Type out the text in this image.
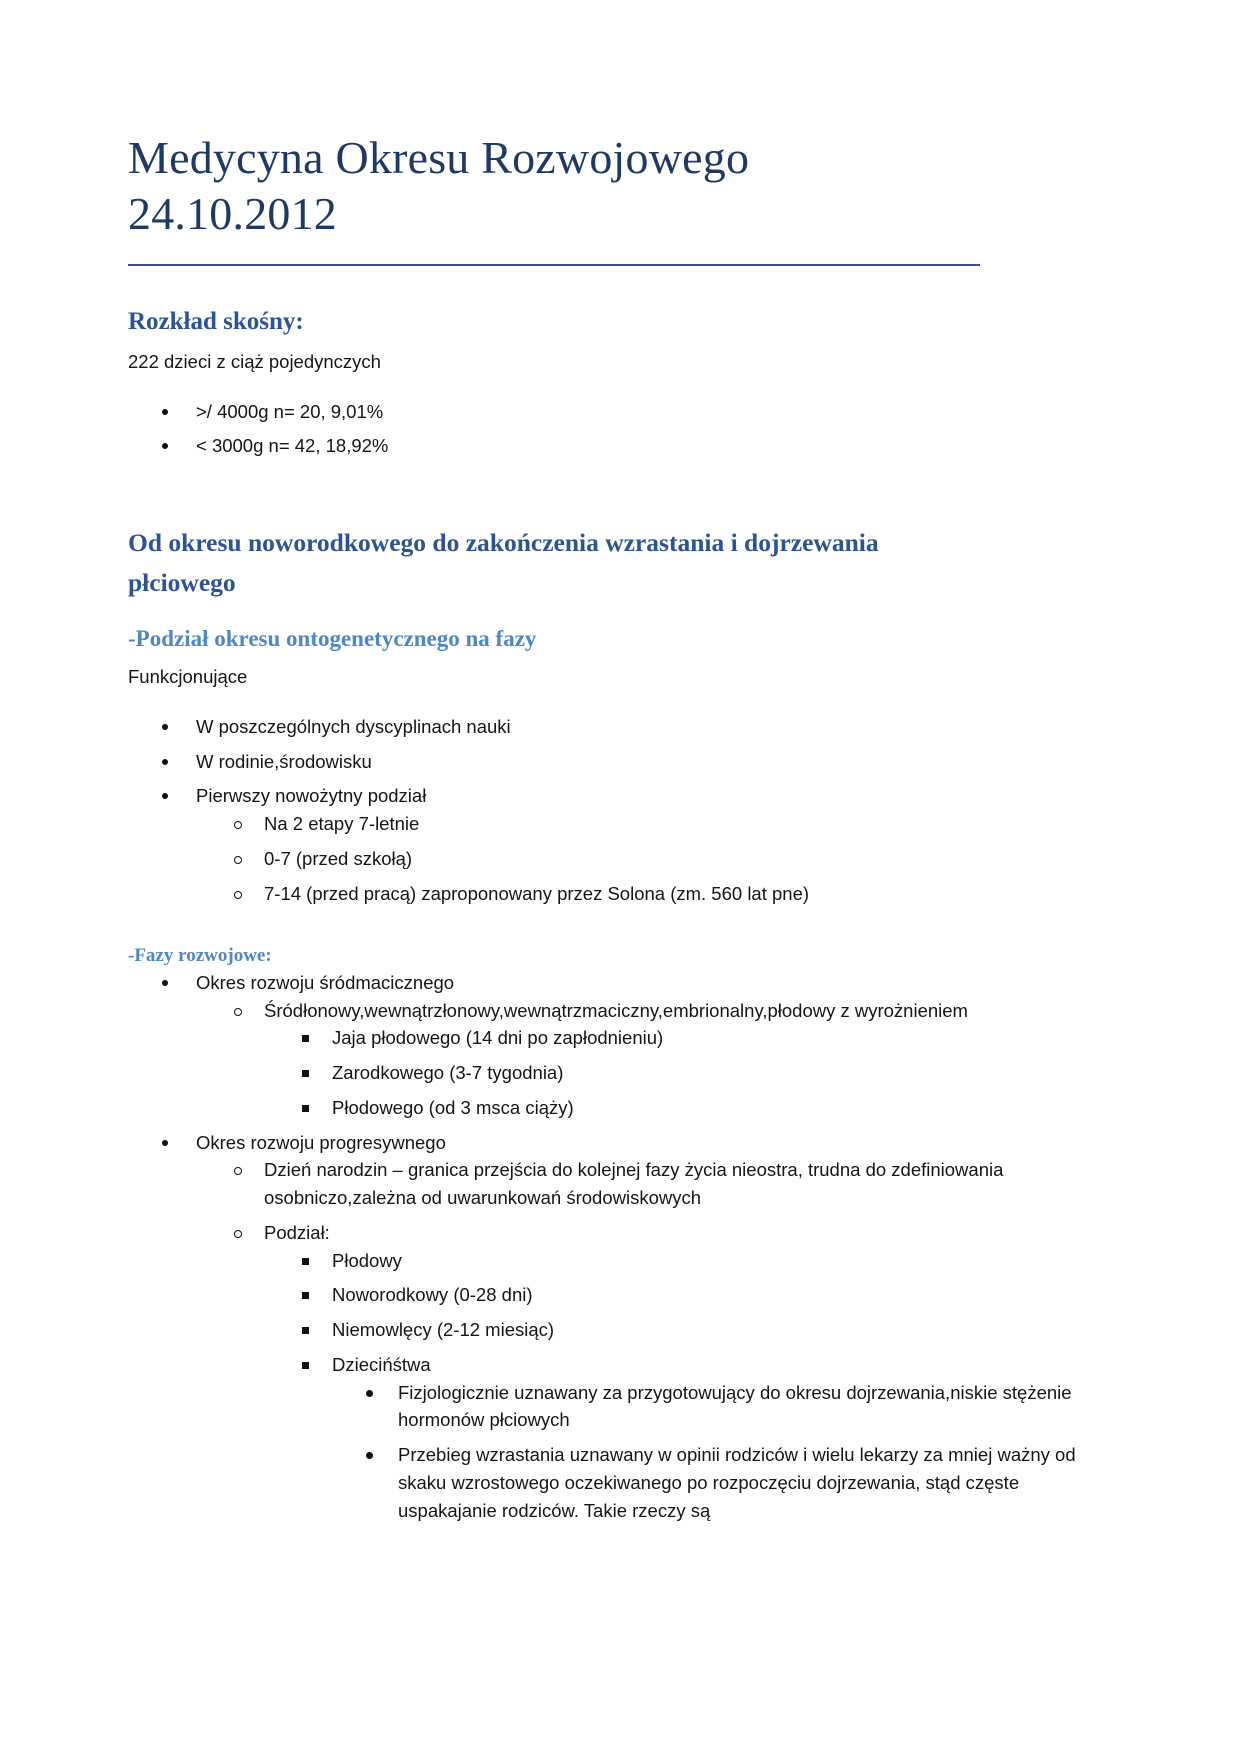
Medycyna Okresu Rozwojowego
24.10.2012
Rozkład skośny:

222 dzieci z ciąż pojedynczych

>/ 4000g n= 20, 9,01%
< 3000g n= 42, 18,92%
Od okresu noworodkowego do zakończenia wzrastania i dojrzewania płciowego
-Podział okresu ontogenetycznego na fazy

Funkcjonujące

W poszczególnych dyscyplinach nauki
W rodinie,środowisku
Pierwszy nowożytny podział
Na 2 etapy 7-letnie
0-7 (przed szkołą)
7-14 (przed pracą) zaproponowany przez Solona (zm. 560 lat pne)
-Fazy rozwojowe:
Okres rozwoju śródmacicznego
Śródłonowy,wewnątrzłonowy,wewnątrzmaciczny,embrionalny,płodowy z wyrożnieniem
Jaja płodowego (14 dni po zapłodnieniu)
Zarodkowego (3-7 tygodnia)
Płodowego (od 3 msca ciąży)
Okres rozwoju progresywnego
Dzień narodzin – granica przejścia do kolejnej fazy życia nieostra, trudna do zdefiniowania osobniczo,zależna od uwarunkowań środowiskowych
Podział:
Płodowy
Noworodkowy (0-28 dni)
Niemowlęcy (2-12 miesiąc)
Dziecińśtwa
Fizjologicznie uznawany za przygotowujący do okresu dojrzewania,niskie stężenie hormonów płciowych
Przebieg wzrastania uznawany w opinii rodziców i wielu lekarzy za mniej ważny od skaku wzrostowego oczekiwanego po rozpoczęciu dojrzewania, stąd częste uspakajanie rodziców. Takie rzeczy są
